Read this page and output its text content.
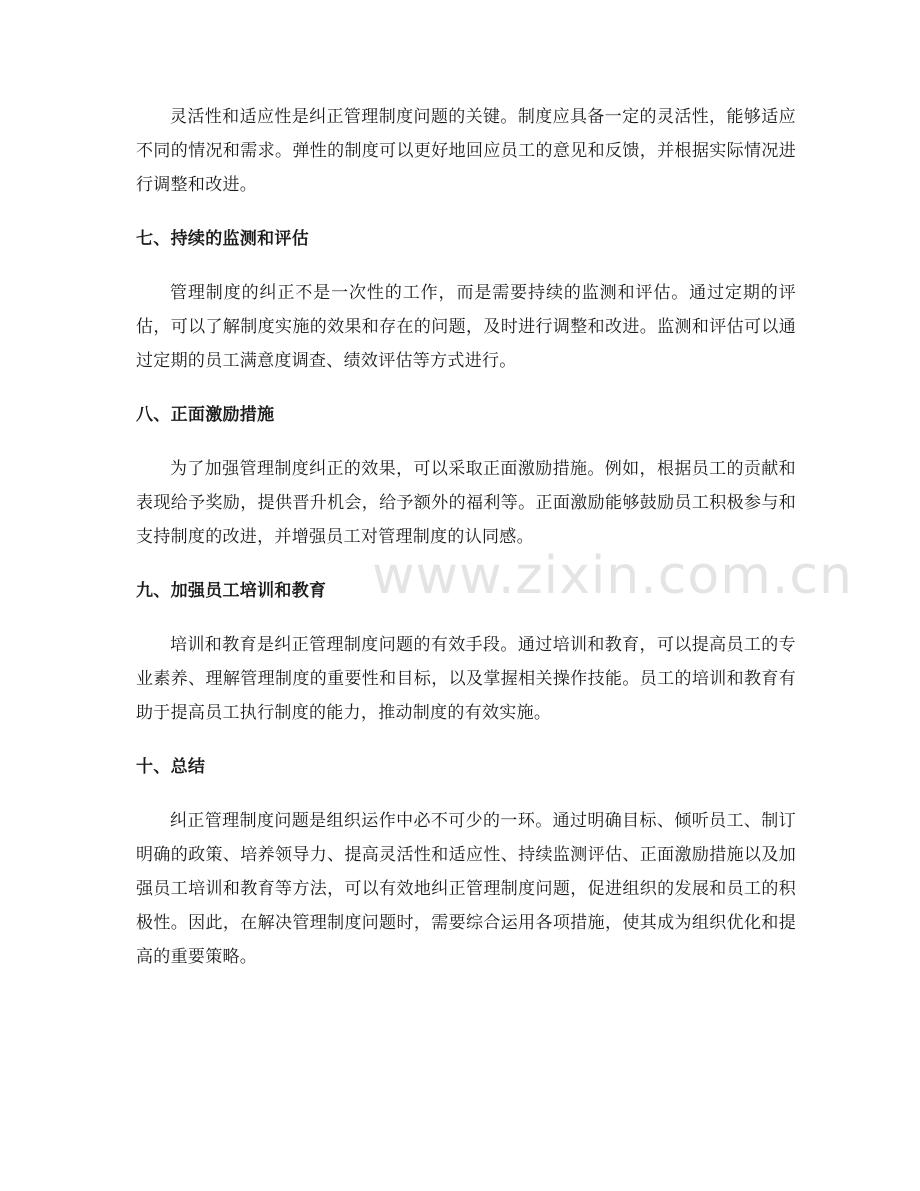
www.zixin.com.cn

灵活性和适应性是纠正管理制度问题的关键。制度应具备一定的灵活性，能够适应不同的情况和需求。弹性的制度可以更好地回应员工的意见和反馈，并根据实际情况进行调整和改进。

七、持续的监测和评估

管理制度的纠正不是一次性的工作，而是需要持续的监测和评估。通过定期的评估，可以了解制度实施的效果和存在的问题，及时进行调整和改进。监测和评估可以通过定期的员工满意度调查、绩效评估等方式进行。

八、正面激励措施

为了加强管理制度纠正的效果，可以采取正面激励措施。例如，根据员工的贡献和表现给予奖励，提供晋升机会，给予额外的福利等。正面激励能够鼓励员工积极参与和支持制度的改进，并增强员工对管理制度的认同感。

九、加强员工培训和教育

培训和教育是纠正管理制度问题的有效手段。通过培训和教育，可以提高员工的专业素养、理解管理制度的重要性和目标，以及掌握相关操作技能。员工的培训和教育有助于提高员工执行制度的能力，推动制度的有效实施。

十、总结

纠正管理制度问题是组织运作中必不可少的一环。通过明确目标、倾听员工、制订明确的政策、培养领导力、提高灵活性和适应性、持续监测评估、正面激励措施以及加强员工培训和教育等方法，可以有效地纠正管理制度问题，促进组织的发展和员工的积极性。因此，在解决管理制度问题时，需要综合运用各项措施，使其成为组织优化和提高的重要策略。
